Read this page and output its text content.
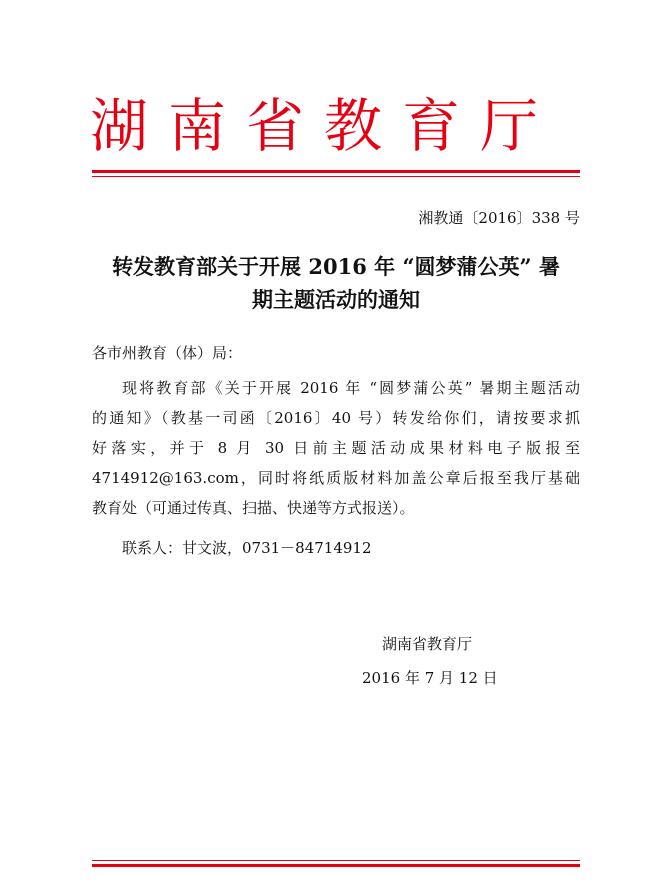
湖南省教育厅
湘教通〔2016〕338 号
转发教育部关于开展 2016 年 “圆梦蒲公英” 暑
期主题活动的通知
各市州教育（体）局：
现将教育部《关于开展 2016 年 “圆梦蒲公英” 暑期主题活动
的通知》（教基一司函〔2016〕40 号）转发给你们，请按要求抓
好落实，并于 8 月 30 日前主题活动成果材料电子版报至
4714912@163.com，同时将纸质版材料加盖公章后报至我厅基础
教育处（可通过传真、扫描、快递等方式报送）。
联系人：甘文波，0731－84714912
湖南省教育厅
2016 年 7 月 12 日
